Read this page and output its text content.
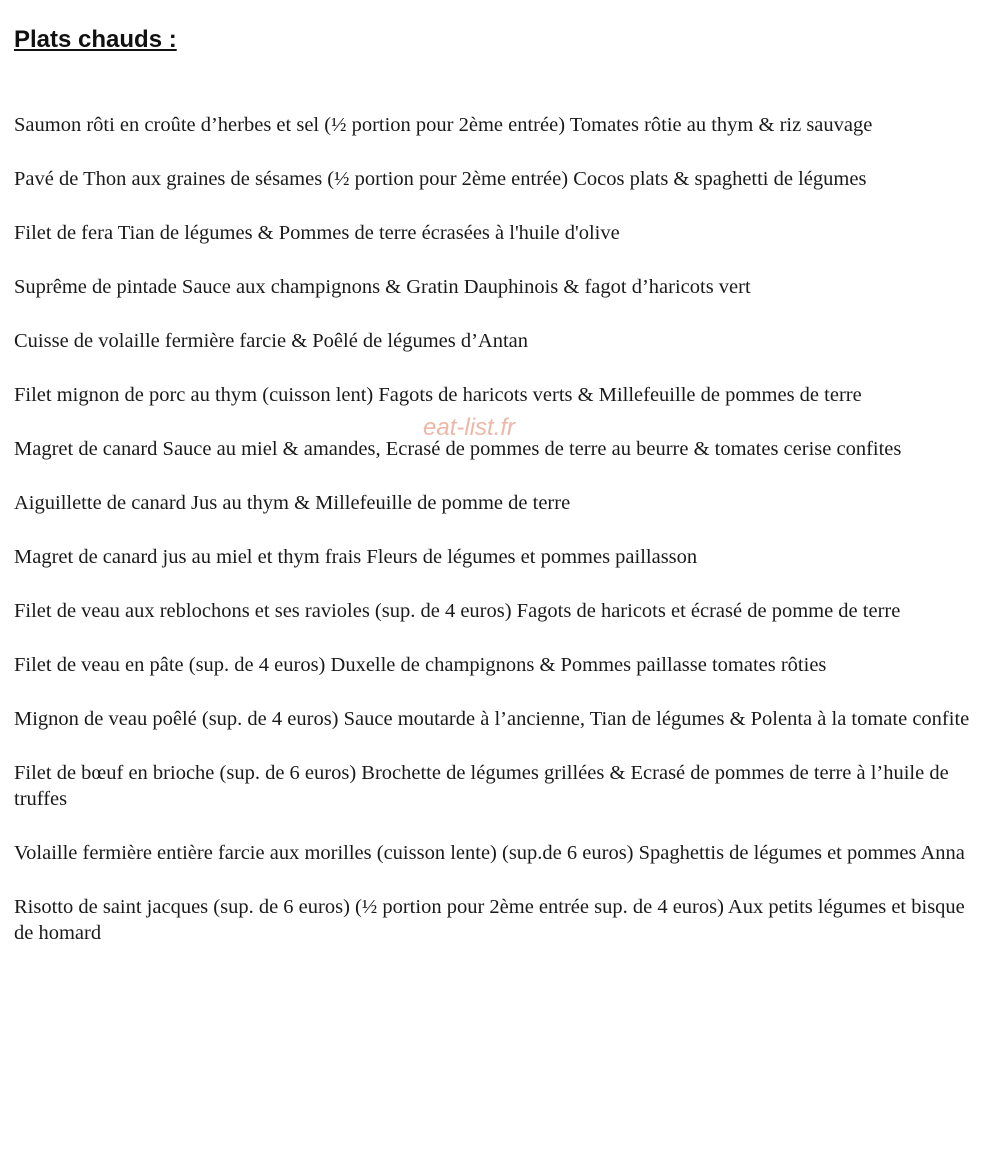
Plats chauds :
Saumon rôti en croûte d’herbes et sel (½ portion pour 2ème entrée) Tomates rôtie au thym & riz sauvage
Pavé de Thon aux graines de sésames (½ portion pour 2ème entrée) Cocos plats & spaghetti de légumes
Filet de fera Tian de légumes & Pommes de terre écrasées à l'huile d'olive
Suprême de pintade Sauce aux champignons & Gratin Dauphinois & fagot d’haricots vert
Cuisse de volaille fermière farcie & Poêlé de légumes d’Antan
Filet mignon de porc au thym (cuisson lent) Fagots de haricots verts & Millefeuille de pommes de terre
Magret de canard Sauce au miel & amandes, Ecrasé de pommes de terre au beurre & tomates cerise confites
Aiguillette de canard Jus au thym & Millefeuille de pomme de terre
Magret de canard jus au miel et thym frais Fleurs de légumes et pommes paillasson
Filet de veau aux reblochons et ses ravioles (sup. de 4 euros) Fagots de haricots et écrasé de pomme de terre
Filet de veau en pâte (sup. de 4 euros) Duxelle de champignons & Pommes paillasse tomates rôties
Mignon de veau poêlé (sup. de 4 euros) Sauce moutarde à l’ancienne, Tian de légumes & Polenta à la tomate confite
Filet de bœuf en brioche (sup. de 6 euros) Brochette de légumes grillées & Ecrasé de pommes de terre à l’huile de truffes
Volaille fermière entière farcie aux morilles (cuisson lente) (sup.de 6 euros) Spaghettis de légumes et pommes Anna
Risotto de saint jacques (sup. de 6 euros) (½ portion pour 2ème entrée sup. de 4 euros) Aux petits légumes et bisque de homard
eat-list.fr
